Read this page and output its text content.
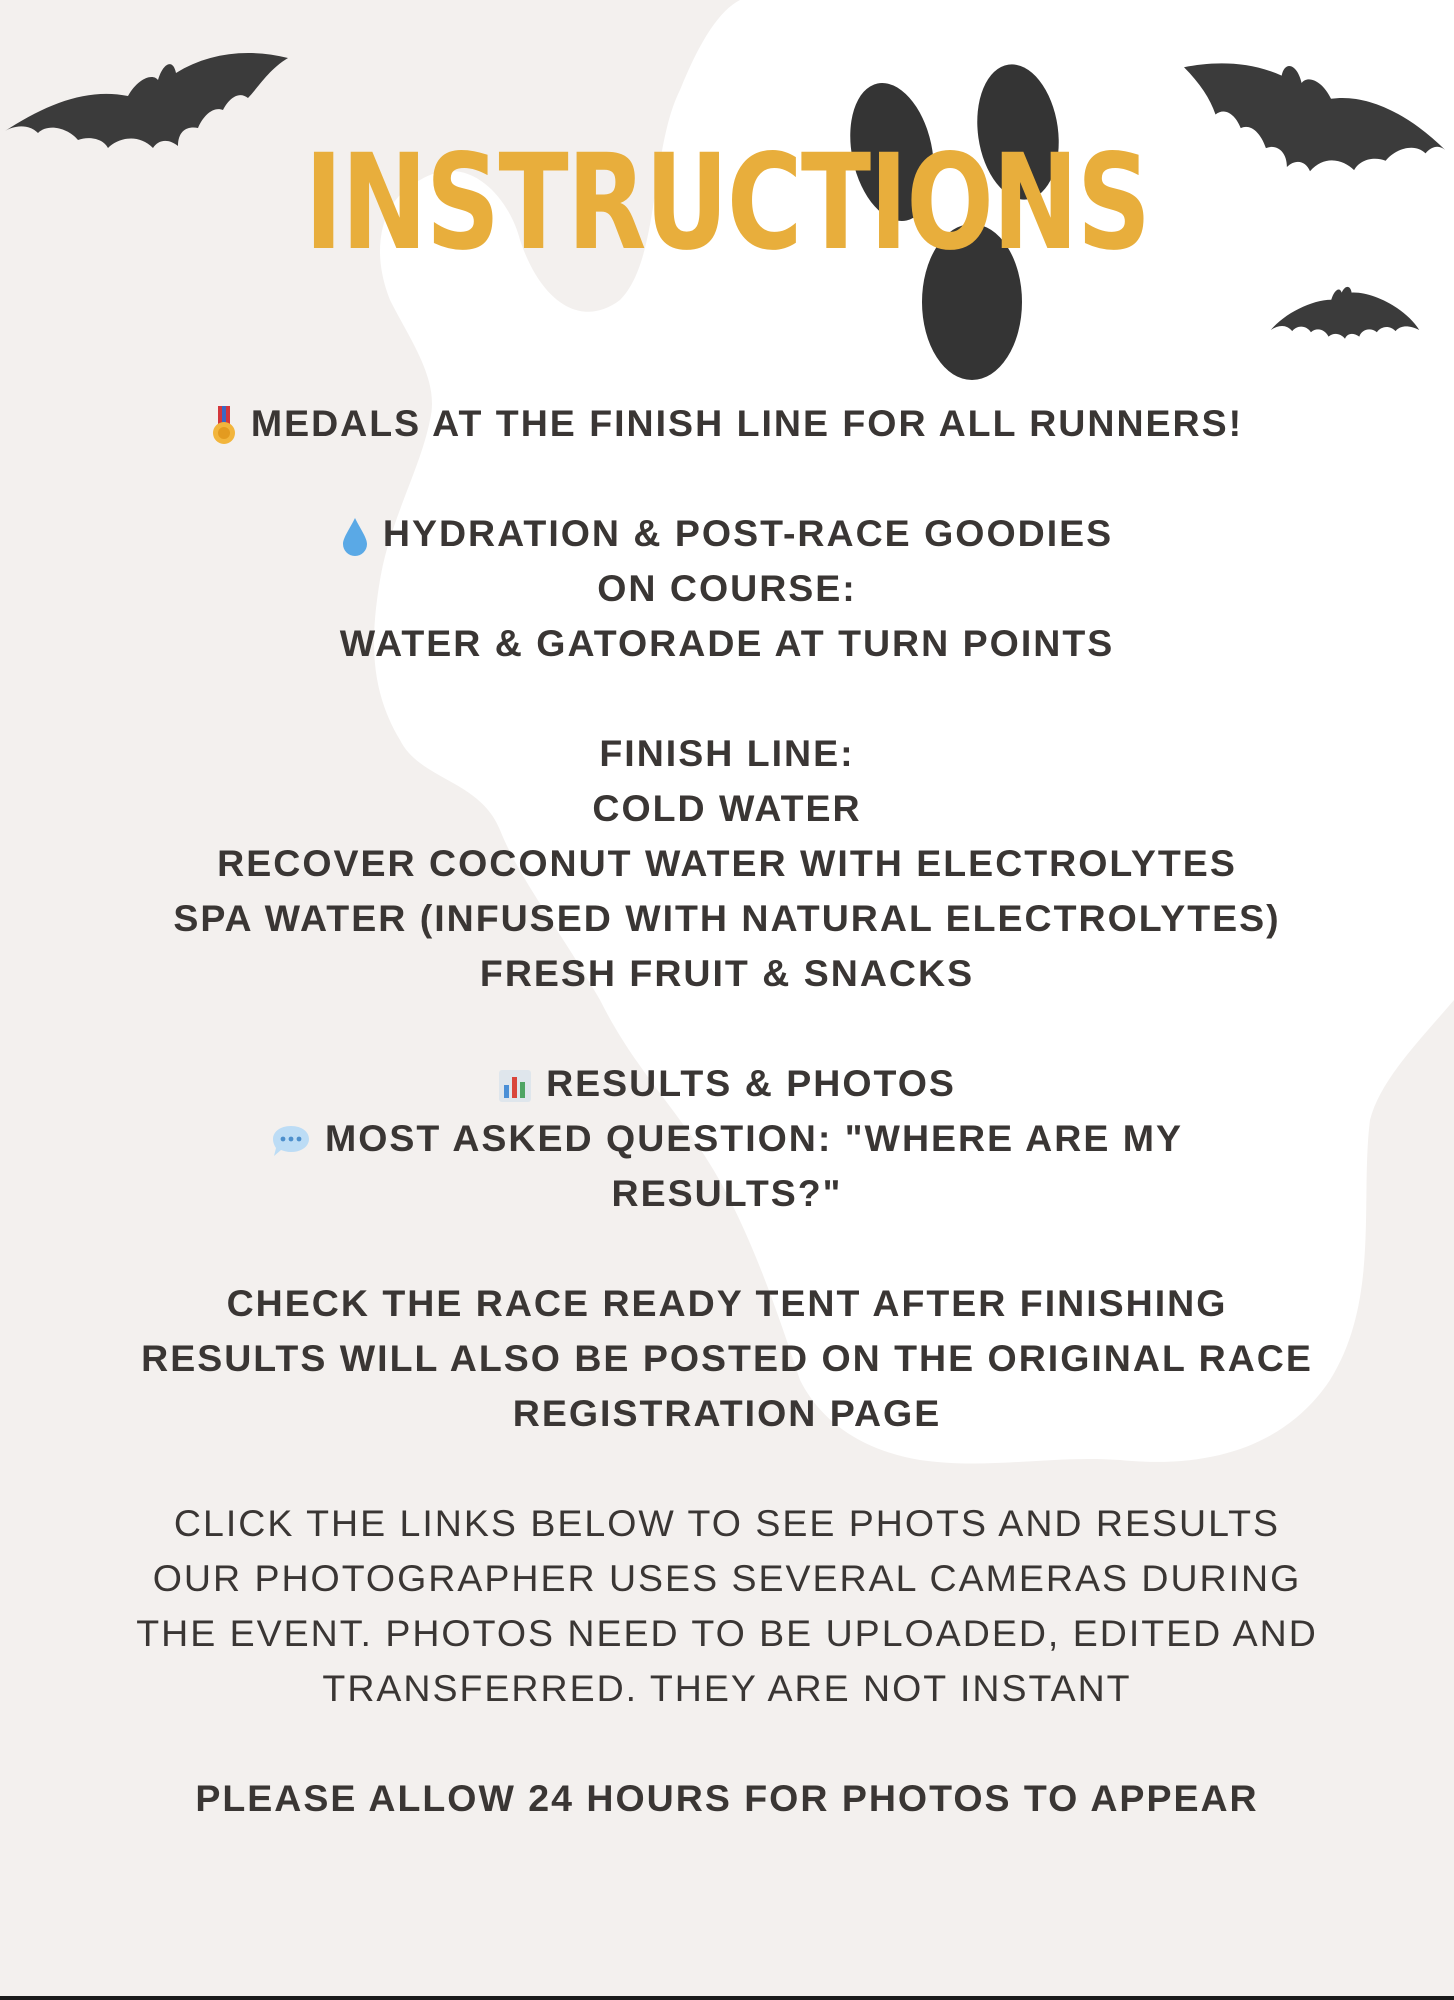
INSTRUCTIONS

MEDALS AT THE FINISH LINE FOR ALL RUNNERS!

HYDRATION & POST-RACE GOODIES

ON COURSE:

WATER & GATORADE AT TURN POINTS

FINISH LINE:

COLD WATER

RECOVER COCONUT WATER WITH ELECTROLYTES

SPA WATER (INFUSED WITH NATURAL ELECTROLYTES)

FRESH FRUIT & SNACKS

RESULTS & PHOTOS

MOST ASKED QUESTION: "WHERE ARE MY

RESULTS?"

CHECK THE RACE READY TENT AFTER FINISHING

RESULTS WILL ALSO BE POSTED ON THE ORIGINAL RACE

REGISTRATION PAGE

CLICK THE LINKS BELOW TO SEE PHOTS AND RESULTS

OUR PHOTOGRAPHER USES SEVERAL CAMERAS DURING

THE EVENT. PHOTOS NEED TO BE UPLOADED, EDITED AND

TRANSFERRED. THEY ARE NOT INSTANT

PLEASE ALLOW 24 HOURS FOR PHOTOS TO APPEAR
